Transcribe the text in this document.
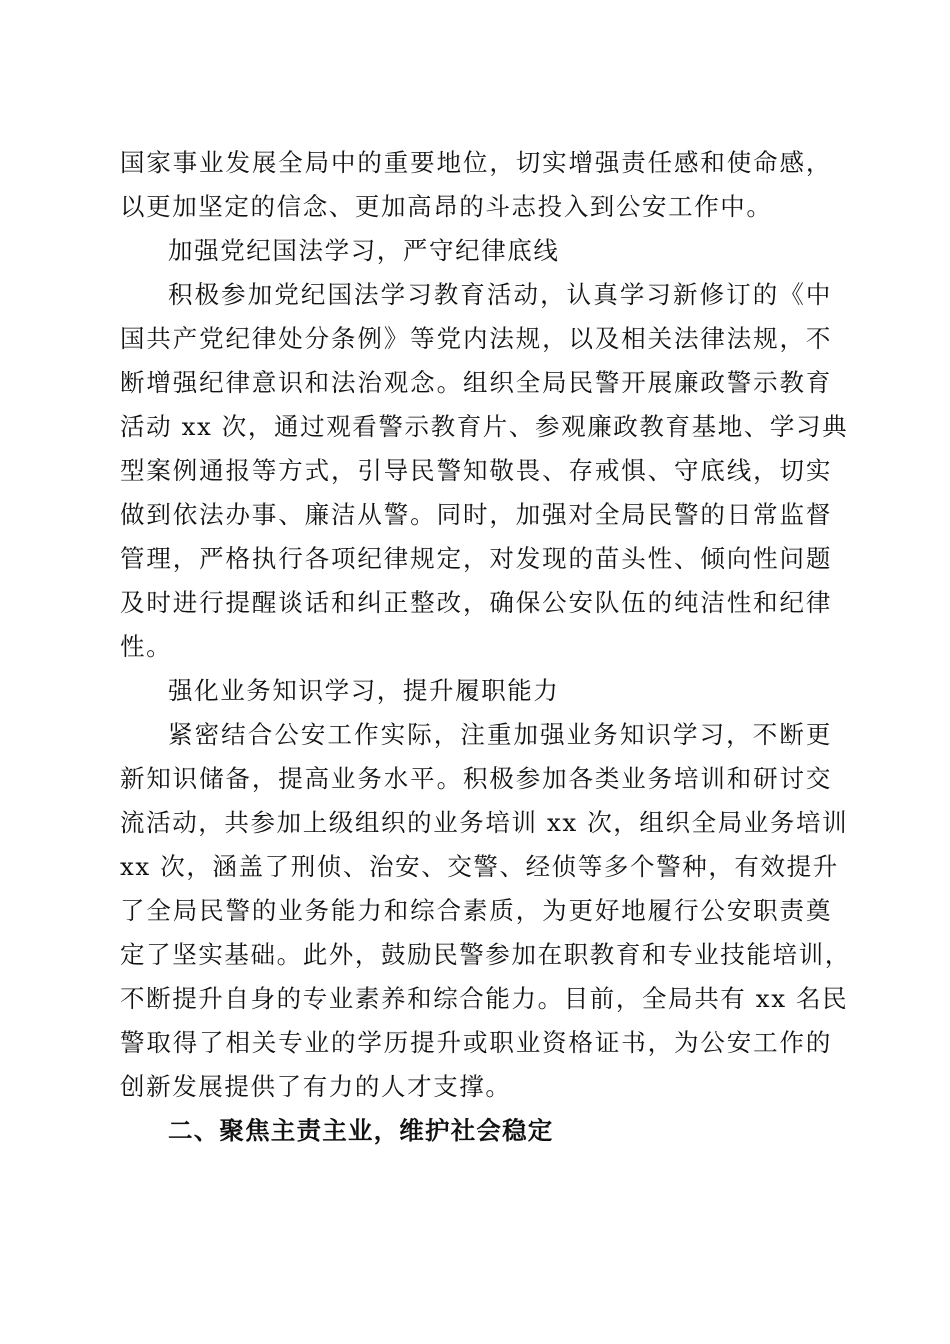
国家事业发展全局中的重要地位，切实增强责任感和使命感，
以更加坚定的信念、更加高昂的斗志投入到公安工作中。
加强党纪国法学习，严守纪律底线
积极参加党纪国法学习教育活动，认真学习新修订的《中
国共产党纪律处分条例》等党内法规，以及相关法律法规，不
断增强纪律意识和法治观念。组织全局民警开展廉政警示教育
活动 xx 次，通过观看警示教育片、参观廉政教育基地、学习典
型案例通报等方式，引导民警知敬畏、存戒惧、守底线，切实
做到依法办事、廉洁从警。同时，加强对全局民警的日常监督
管理，严格执行各项纪律规定，对发现的苗头性、倾向性问题
及时进行提醒谈话和纠正整改，确保公安队伍的纯洁性和纪律
性。
强化业务知识学习，提升履职能力
紧密结合公安工作实际，注重加强业务知识学习，不断更
新知识储备，提高业务水平。积极参加各类业务培训和研讨交
流活动，共参加上级组织的业务培训 xx 次，组织全局业务培训
xx 次，涵盖了刑侦、治安、交警、经侦等多个警种，有效提升
了全局民警的业务能力和综合素质，为更好地履行公安职责奠
定了坚实基础。此外，鼓励民警参加在职教育和专业技能培训，
不断提升自身的专业素养和综合能力。目前，全局共有 xx 名民
警取得了相关专业的学历提升或职业资格证书，为公安工作的
创新发展提供了有力的人才支撑。
二、聚焦主责主业，维护社会稳定
